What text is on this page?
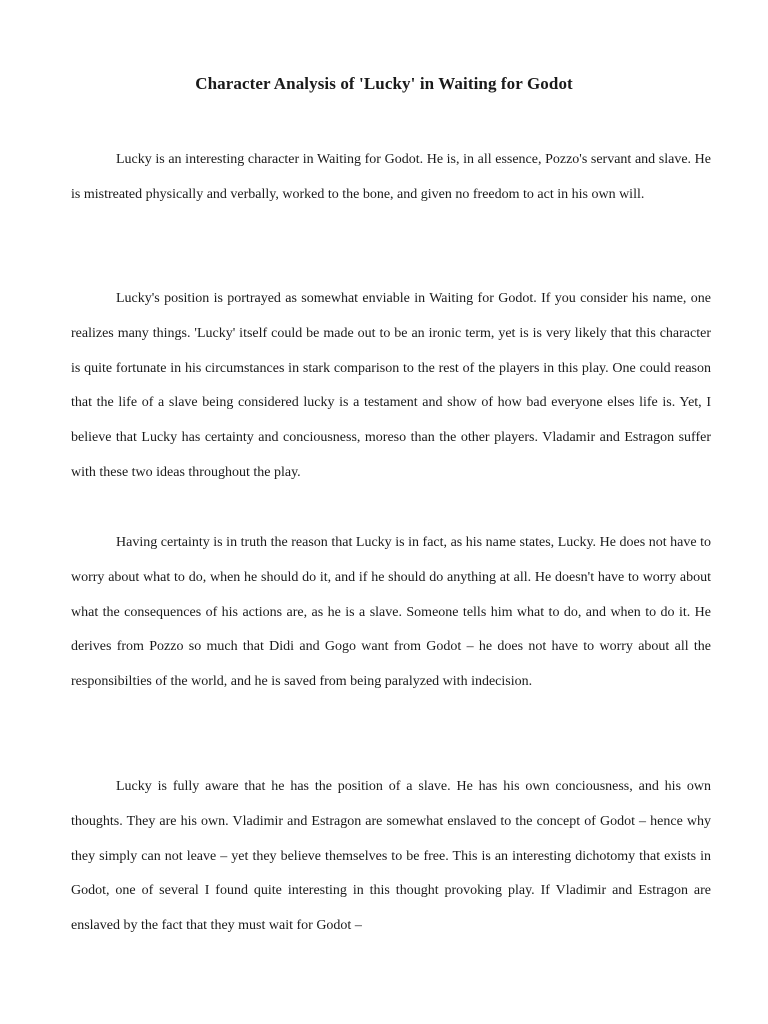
Character Analysis of 'Lucky' in Waiting for Godot

Lucky is an interesting character in Waiting for Godot. He is, in all essence, Pozzo's servant and slave. He is mistreated physically and verbally, worked to the bone, and given no freedom to act in his own will.

Lucky's position is portrayed as somewhat enviable in Waiting for Godot. If you consider his name, one realizes many things. 'Lucky' itself could be made out to be an ironic term, yet is is very likely that this character is quite fortunate in his circumstances in stark comparison to the rest of the players in this play. One could reason that the life of a slave being considered lucky is a testament and show of how bad everyone elses life is. Yet, I believe that Lucky has certainty and conciousness, moreso than the other players. Vladamir and Estragon suffer with these two ideas throughout the play.

Having certainty is in truth the reason that Lucky is in fact, as his name states, Lucky. He does not have to worry about what to do, when he should do it, and if he should do anything at all. He doesn't have to worry about what the consequences of his actions are, as he is a slave. Someone tells him what to do, and when to do it. He derives from Pozzo so much that Didi and Gogo want from Godot – he does not have to worry about all the responsibilties of the world, and he is saved from being paralyzed with indecision.

Lucky is fully aware that he has the position of a slave. He has his own conciousness, and his own thoughts. They are his own. Vladimir and Estragon are somewhat enslaved to the concept of Godot – hence why they simply can not leave – yet they believe themselves to be free. This is an interesting dichotomy that exists in Godot, one of several I found quite interesting in this thought provoking play. If Vladimir and Estragon are enslaved by the fact that they must wait for Godot –
